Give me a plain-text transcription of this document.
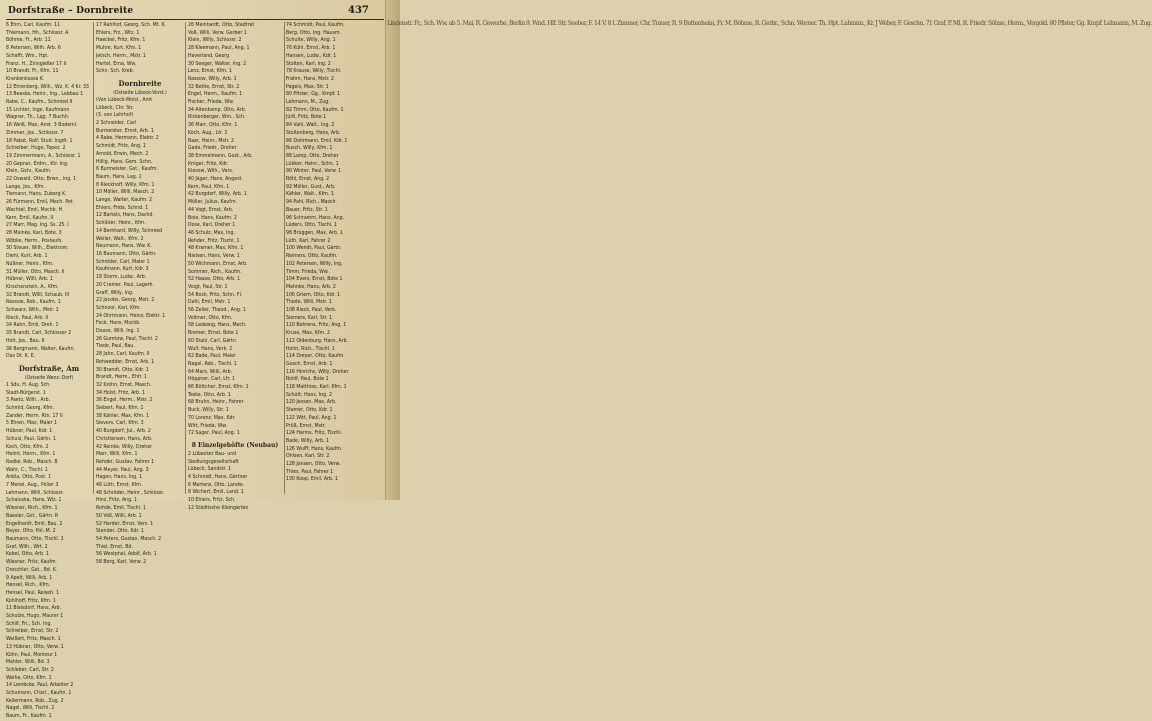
Dorfstraße – Dornbreite	437
6 Ehm, Carl, Kaufm. 11
Thiemann, Hh., Schlossr. A
Böhme, Fr., Arb. 11
8 Petersen, Wilh. Arb. 6
Schafft, Wm., Hpt.
Franz, H., Zinngießer 17 II
10 Brandt, Fr., Kfm. 11
Krankenkasse K.
12 Ehrenberg, Wilh., Wz. K. 4 Kr. 33
13 Beeske, Heinr., Ing., Lebbau 1
Rabe, C., Kaufm., Schmied II
15 Lichter, Inge, Kaufmann
Wagner, Th., Lqg. 7 Buchh.
16 Weiß, Max, Anst. 3 Bodeml.
Zimmer, Jos., Schlossr. 7
18 Pabst, Rolf, Stud. Ingdt. 1
Schreiber, Hugo, Tapez. 2
19 Zimmermann, A., Schlossr. 1
20 Gepner, Erdm., Ktr. Ing.
Klein, Gstv., Kaufm.
22 Oswald, Otto, Brwn., Ing. 1
Lange, Jos., Kfm.
Tiemann, Hans, Zuberg K.
26 Fürmann, Emil, Mech. Pet.
Wachtel, Emil, Mschb. H
Kern, Emil, Kaufm. II
27 Marr, Mag. Ing. Ss. 25. I
28 Meinke, Karl, Bote. 3
Wöbke, Herm., Postaufs.
30 Steuer, Wilh., Elektrom.
Diehl, Kurt, Arb. 1
Nüßner, Heinr., Kfm.
31 Müller, Otto, Masch. II
Hübner, Willi, Arb. 1
Kirschenstein, A., Kfm.
32 Brandt, Willi, Schaub. III
Rassow, Rob., Kaufm. 1
Schwarz, Wilh., Mstr. 1
Rieck, Paul, Arb. II
34 Rahn, Emil, Dreh. 1
35 Brandt, Carl, Schlosser 2
Holt, Jos., Bau. 6
36 Bergmann, Walter, Kaufm.
Das Dt. K. E.
Dorfstraße, Am
(Ostseite Wenz.-Dorf)
1 Sdu, H. Aug. Sch.
Stadt-Bürgerst. 1
3 Paetz, Wilh., Arb.
Schmid, Georg, Kfm.
Zander, Herm. Rtn. 17 II
5 Ehren, Max, Maler 1
Hübner, Paul, Kdr. 1
Schulz, Paul, Gärtn. 1
Koch, Otto, Kfm. 2
Helmt, Herm., Kfm. 1
Radke, Rob., Masch. B
Wahr, C., Tischl. 1
Anbla, Otto, Post. 1
7 Menel, Aug., Polier 3
Lehmann, Willi, Schlossr.
Schaluska, Hans, Wlz. 1
Wiesner, Rich., Kfm. 1
Baesler, Gst., Gärtn. R
Engelhardt, Emil, Bau. 2
Beyer, Otto, Pol.-M. 2
Baumann, Otto, Tischl. 2
Graf, Wilh., Wrt. 2
Kebel, Otto, Arb. 1
Wiesner, Fritz, Kaufm.
Dreschler, Gst., Bd. K.
9 Apelt, Willi, Arb. 1
Hensel, Rich., Kfm.
Hensel, Paul, Reiseh. 1
Kohlhoff, Fritz, Kfm. 1
11 Blaisdorf, Hans, Arb.
Schulze, Hugo, Maurer 1
Schilf, Fri., Sch. Ing.
Schreiber, Ernst, Str. 2
Weißert, Fritz, Masch. 1
13 Hübner, Otto, Verw. 1
Kühn, Paul, Monteur 1
Mahler, Willi, Bd. 3
Schleber, Carl, Str. 2
Weihe, Otto, Kfm. 1
14 Lembcke, Paul, Arbeiter 2
Schumann, Charl., Kaufm. 1
Kellermann, Rob., Zug. 2
Nagel, Willi, Tischl. 2
Baum, Fr., Kaufm. 1
17 Rahlhof, Georg, Sch. Mt. K.
Ehlers, Frz., Wtz. 1
Haeckel, Fritz, Kfm. 1
Muhre, Kurt, Kfm. 1
Jetsch, Herm., Mstr. 1
Hertel, Erna, Ww.
Schn. Sch. Kreb.
Dornbreite
(Ostseite Lübeck-Vorst.)
(Von Lübeck-Moisl., Amt
Lübeck, Chr. Str.
(3. von Lehrhof)
2 Schneider, Carl
Burmeister, Ernst, Arb. 1
4 Rabe, Hermann, Elektr. 2
Schmidt, Fritz, Ang. 1
Arnold, Erwin, Mech. 2
Hillig, Hans, Gem. Schn.
6 Burmeister, Gst., Kaufm.
Baum, Hans, Lag. 1
8 Rieckhoff, Willy, Kfm. 1
10 Möller, Willi, Masch. 2
Lange, Walter, Kaufm. 2
Ehlers, Frida, Schnd. 1
12 Bartels, Hans, Dachd.
Schlüter, Heinr., Kfm.
14 Bernhard, Willy, Schmied
Weiler, Walt., Kfm. 2
Neumann, Hans, Ww. K.
16 Baumann, Otto, Gärtn.
Schröder, Carl, Maler 1
Kaufmann, Kurt, Kdr. 3
18 Storm, Ludw., Arb.
20 Cramer, Paul, Lagerh.
Graff, Willy, Ing.
22 Jacobs, Georg, Mstr. 2
Schnoor, Karl, Kfm.
24 Ohrtmann, Heinz, Elektr. 1
Fock, Hans, Mschb.
Doose, Willi, Ing. 1
26 Gumtow, Paul, Tischl. 2
Tiede, Paul, Bau.
28 Jahn, Carl, Kaufm. II
Rohwedder, Ernst, Arb. 1
30 Brandt, Otto, Kdr. 1
Brandt, Herm., Ehfr. 1
32 Krohn, Ernst, Masch.
34 Holst, Fritz, Arb. 1
36 Engel, Herm., Mstr. 2
Siebert, Paul, Kfm. 1
38 Kähler, Max, Kfm. 1
Sievers, Carl, Kfm. 3
40 Burgdorf, Jul., Arb. 2
Christiansen, Hans, Arb.
42 Reinke, Willy, Dreher
Marr, Willi, Kfm. 1
Rehder, Gustav, Fahrer 1
44 Meyer, Paul, Ang. 3
Hagen, Hans, Ing. 1
46 Lüth, Ernst, Kfm.
48 Schröder, Heinr., Schlossr.
Hinz, Fritz, Ang. 1
Rohde, Emil, Tischl. 1
50 Voß, Willi, Arb. 1
52 Harder, Ernst, Vers. 1
Stender, Otto, Kdr. 1
54 Peters, Gustav, Masch. 2
Thiel, Ernst, Bd.
56 Westphal, Adolf, Arb. 1
58 Berg, Karl, Verw. 2
26 Meinhardt, Otto, Stadtrat
Voß, Willi, Verw. Gerber 1
Klein, Willy, Schlossr. 2
28 Kleemann, Paul, Ang. 1
Haverland, Georg
30 Seeger, Walter, Ing. 2
Lenz, Ernst, Kfm. 1
Rassow, Willy, Arb. 1
32 Bethe, Ernst, Str. 2
Engel, Herm., Kaufm. 1
Fischer, Frieda, Ww.
34 Altenkamp, Otto, Arb.
Rickenberger, Wm., Sch.
36 Marr, Otto, Kfm. 1
Koch, Aug., Lfr. 2
Baar, Heinr., Mstr. 2
Gade, Friedr., Dreher
38 Emmelmann, Gust., Arb.
Kröger, Fritz, Kdr.
Kiesow, Wilh., Vers.
40 Jäger, Hans, Angest.
Kern, Paul, Kfm. 1
42 Burgdorf, Willy, Arb. 1
Möller, Julius, Kaufm.
44 Vogt, Ernst, Arb.
Boie, Hans, Kaufm. 2
Dose, Karl, Dreher 1
46 Schulz, Max, Ing.
Rehder, Fritz, Tischl. 1
48 Kramer, Max, Kfm. 1
Nielsen, Hans, Verw. 1
50 Wichmann, Ernst, Arb.
Sommer, Rich., Kaufm.
52 Haase, Otto, Arb. 1
Voigt, Paul, Str. 1
54 Bock, Fritz, Schn. Fl.
Dahl, Emil, Mstr. 1
56 Zeller, Theod., Ang. 1
Vollmer, Otto, Kfm.
58 Ladewig, Hans, Mech.
Bremer, Ernst, Bote 1
60 Stahl, Carl, Gärtn.
Wulf, Hans, Verk. 2
62 Bade, Paul, Maler
Nagel, Rob., Tischl. 1
64 Marx, Willi, Arb.
Höppner, Carl, Lfr. 1
66 Böttcher, Ernst, Kfm. 1
Teske, Otto, Arb. 1
68 Bruhn, Heinr., Fahrer
Buck, Willy, Str. 1
70 Lorenz, Max, Kdr.
Witt, Frieda, Ww.
72 Sager, Paul, Ang. 1
8 Einzelgehöfte (Neubau)
2 Lübecker Bau- und
Siedlungsgesellschaft
Lübeck, Sandstr. 1
4 Schmidt, Hans, Gärtner
6 Mertens, Otto, Landw.
8 Wichert, Emil, Land. 1
10 Ehlers, Fritz, Sch.
12 Städtische Kleingärten
74 Schmidt, Paul, Kaufm.
Berg, Otto, Ing. Hausm.
Schulte, Willy, Ang. 1
76 Kühl, Ernst, Arb. 1
Hansen, Ludw., Kdr. 1
Stolten, Karl, Ing. 2
78 Krause, Willy, Tischl.
Frahm, Hans, Mstr. 2
Pagels, Max, Str. 1
80 Pfister, Gg., Kmpf. 1
Lehmann, M., Zug.
82 Timm, Otto, Kaufm. 1
Jürß, Fritz, Bote 1
84 Vahl, Walt., Ing. 2
Stoltenberg, Hans, Arb.
86 Dohrmann, Emil, Kdr. 1
Busch, Willy, Kfm. 1
88 Lamp, Otto, Dreher
Lübker, Heinr., Schn. 1
90 Winter, Paul, Verw. 1
Röhl, Ernst, Ang. 2
92 Möller, Gust., Arb.
Kähler, Walt., Kfm. 1
94 Pahl, Rich., Masch.
Bauer, Fritz, Str. 1
96 Schramm, Hans, Ang.
Lüders, Otto, Tischl. 1
98 Brüggen, Max, Arb. 1
Lüth, Karl, Fahrer 2
100 Wendt, Paul, Gärtn.
Reimers, Otto, Kaufm.
102 Petersen, Willy, Ing.
Timm, Frieda, Ww.
104 Evers, Ernst, Bote 1
Mahnke, Hans, Arb. 2
106 Griem, Otto, Kdr. 1
Thode, Willi, Mstr. 1
108 Rieck, Paul, Verk.
Siemers, Karl, Str. 1
110 Behrens, Fritz, Ang. 1
Kruse, Max, Kfm. 2
112 Oldenburg, Hans, Arb.
Holm, Rich., Tischl. 1
114 Dreyer, Otto, Kaufm.
Gosch, Ernst, Arb. 1
116 Hinrichs, Willy, Dreher
Rohlf, Paul, Bote 1
118 Matthies, Karl, Kfm. 1
Schütt, Hans, Ing. 2
120 Jessen, Max, Arb.
Stamer, Otto, Kdr. 1
122 Witt, Paul, Ang. 1
Prüß, Ernst, Mstr.
124 Harms, Fritz, Tischl.
Bade, Willy, Arb. 1
126 Wulff, Hans, Kaufm.
Ohlsen, Karl, Str. 2
128 Jansen, Otto, Verw.
Thies, Paul, Fahrer 1
130 Koop, Emil, Arb. 1
Lindenstr. Fr., Sch. Ww. ab 5. Mai, R. Gewerbe, Berlin 9. Wnd. Hlf. Str. Seeber, F. 14 V. 8 I. Zimmer, Chr. Trauer, R. 9 Buttenheim, Fr. M. Böhme, R. Gerbr., Schn. Werner. Th. Hpt. Lahmnn., Kr. J Weber, F. Geschn. 71 Graf, P. Ml. R. Friedr. Söhne, Herm., Vergold. 80 Pfister, Gg. Kmpf. Lehmann, M. Zug.
